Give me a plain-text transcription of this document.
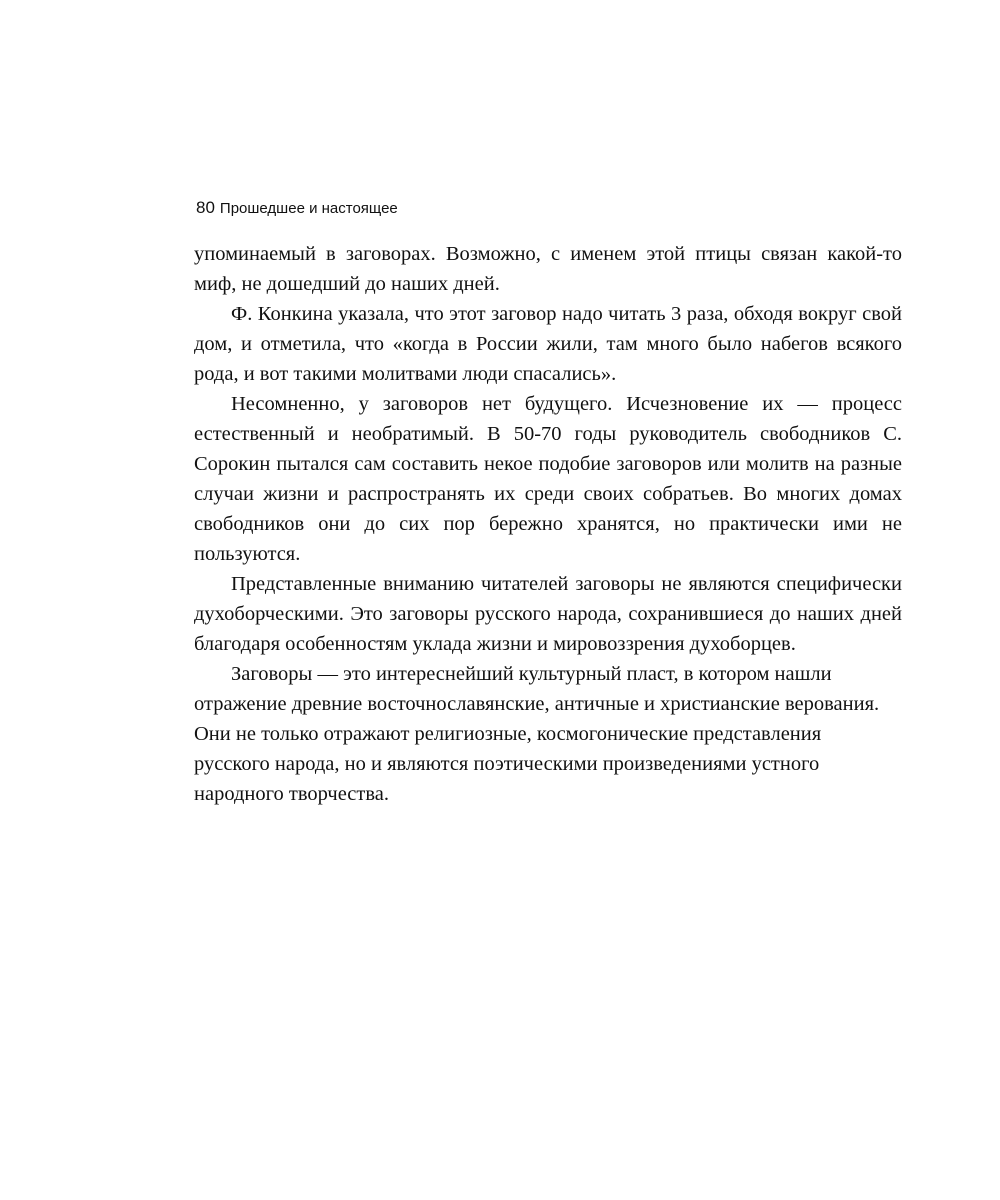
80 Прошедшее и настоящее

упоминаемый в заговорах. Возможно, с именем этой птицы связан какой-то миф, не дошедший до наших дней.

Ф. Конкина указала, что этот заговор надо читать 3 раза, обходя вокруг свой дом, и отметила, что «когда в России жили, там много было набегов всякого рода, и вот такими молитвами люди спасались».

Несомненно, у заговоров нет будущего. Исчезновение их — процесс естественный и необратимый. В 50-70 годы руководитель свободников С. Сорокин пытался сам составить некое подобие заговоров или молитв на разные случаи жизни и распространять их среди своих собратьев. Во многих домах свободников они до сих пор бережно хранятся, но практически ими не пользуются.

Представленные вниманию читателей заговоры не являются специфически духоборческими. Это заговоры русского народа, сохранившиеся до наших дней благодаря особенностям уклада жизни и мировоззрения духоборцев.

Заговоры — это интереснейший культурный пласт, в котором нашли отражение древние восточнославянские, античные и христианские верования. Они не только отражают религиозные, космогонические представления русского народа, но и являются поэтическими произведениями устного народного творчества.
